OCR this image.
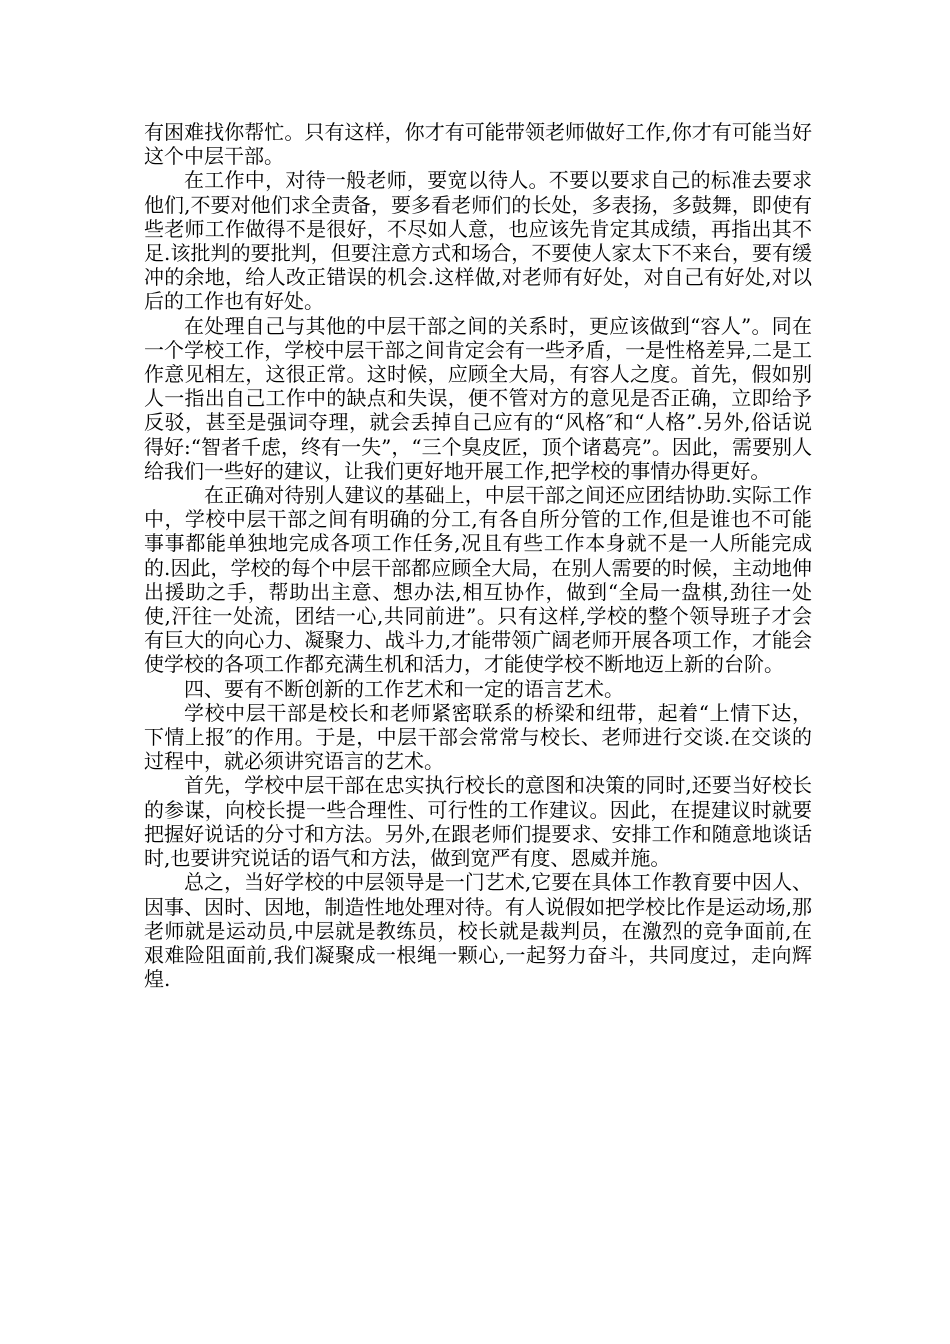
有困难找你帮忙。只有这样，你才有可能带领老师做好工作,你才有可能当好这个中层干部。

在工作中，对待一般老师，要宽以待人。不要以要求自己的标准去要求他们,不要对他们求全责备，要多看老师们的长处，多表扬，多鼓舞，即使有些老师工作做得不是很好，不尽如人意，也应该先肯定其成绩，再指出其不足.该批判的要批判，但要注意方式和场合，不要使人家太下不来台，要有缓冲的余地，给人改正错误的机会.这样做,对老师有好处，对自己有好处,对以后的工作也有好处。

在处理自己与其他的中层干部之间的关系时，更应该做到“容人”。同在一个学校工作，学校中层干部之间肯定会有一些矛盾，一是性格差异,二是工作意见相左，这很正常。这时候，应顾全大局，有容人之度。首先，假如别人一指出自己工作中的缺点和失误，便不管对方的意见是否正确，立即给予反驳，甚至是强词夺理，就会丢掉自己应有的“风格″和“人格”.另外,俗话说得好:“智者千虑，终有一失”，“三个臭皮匠，顶个诸葛亮”。因此，需要别人给我们一些好的建议，让我们更好地开展工作,把学校的事情办得更好。

在正确对待别人建议的基础上，中层干部之间还应团结协助.实际工作中，学校中层干部之间有明确的分工,有各自所分管的工作,但是谁也不可能事事都能单独地完成各项工作任务,况且有些工作本身就不是一人所能完成的.因此，学校的每个中层干部都应顾全大局，在别人需要的时候，主动地伸出援助之手，帮助出主意、想办法,相互协作，做到“全局一盘棋,劲往一处使,汗往一处流，团结一心,共同前进”。只有这样,学校的整个领导班子才会有巨大的向心力、凝聚力、战斗力,才能带领广阔老师开展各项工作，才能会使学校的各项工作都充满生机和活力，才能使学校不断地迈上新的台阶。

四、要有不断创新的工作艺术和一定的语言艺术。

学校中层干部是校长和老师紧密联系的桥梁和纽带，起着“上情下达，下情上报″的作用。于是，中层干部会常常与校长、老师进行交谈.在交谈的过程中，就必须讲究语言的艺术。

首先，学校中层干部在忠实执行校长的意图和决策的同时,还要当好校长的参谋，向校长提一些合理性、可行性的工作建议。因此，在提建议时就要把握好说话的分寸和方法。另外,在跟老师们提要求、安排工作和随意地谈话时,也要讲究说话的语气和方法，做到宽严有度、恩威并施。

总之，当好学校的中层领导是一门艺术,它要在具体工作教育要中因人、因事、因时、因地，制造性地处理对待。有人说假如把学校比作是运动场,那老师就是运动员,中层就是教练员，校长就是裁判员，在激烈的竞争面前,在艰难险阻面前,我们凝聚成一根绳一颗心,一起努力奋斗，共同度过，走向辉煌.
